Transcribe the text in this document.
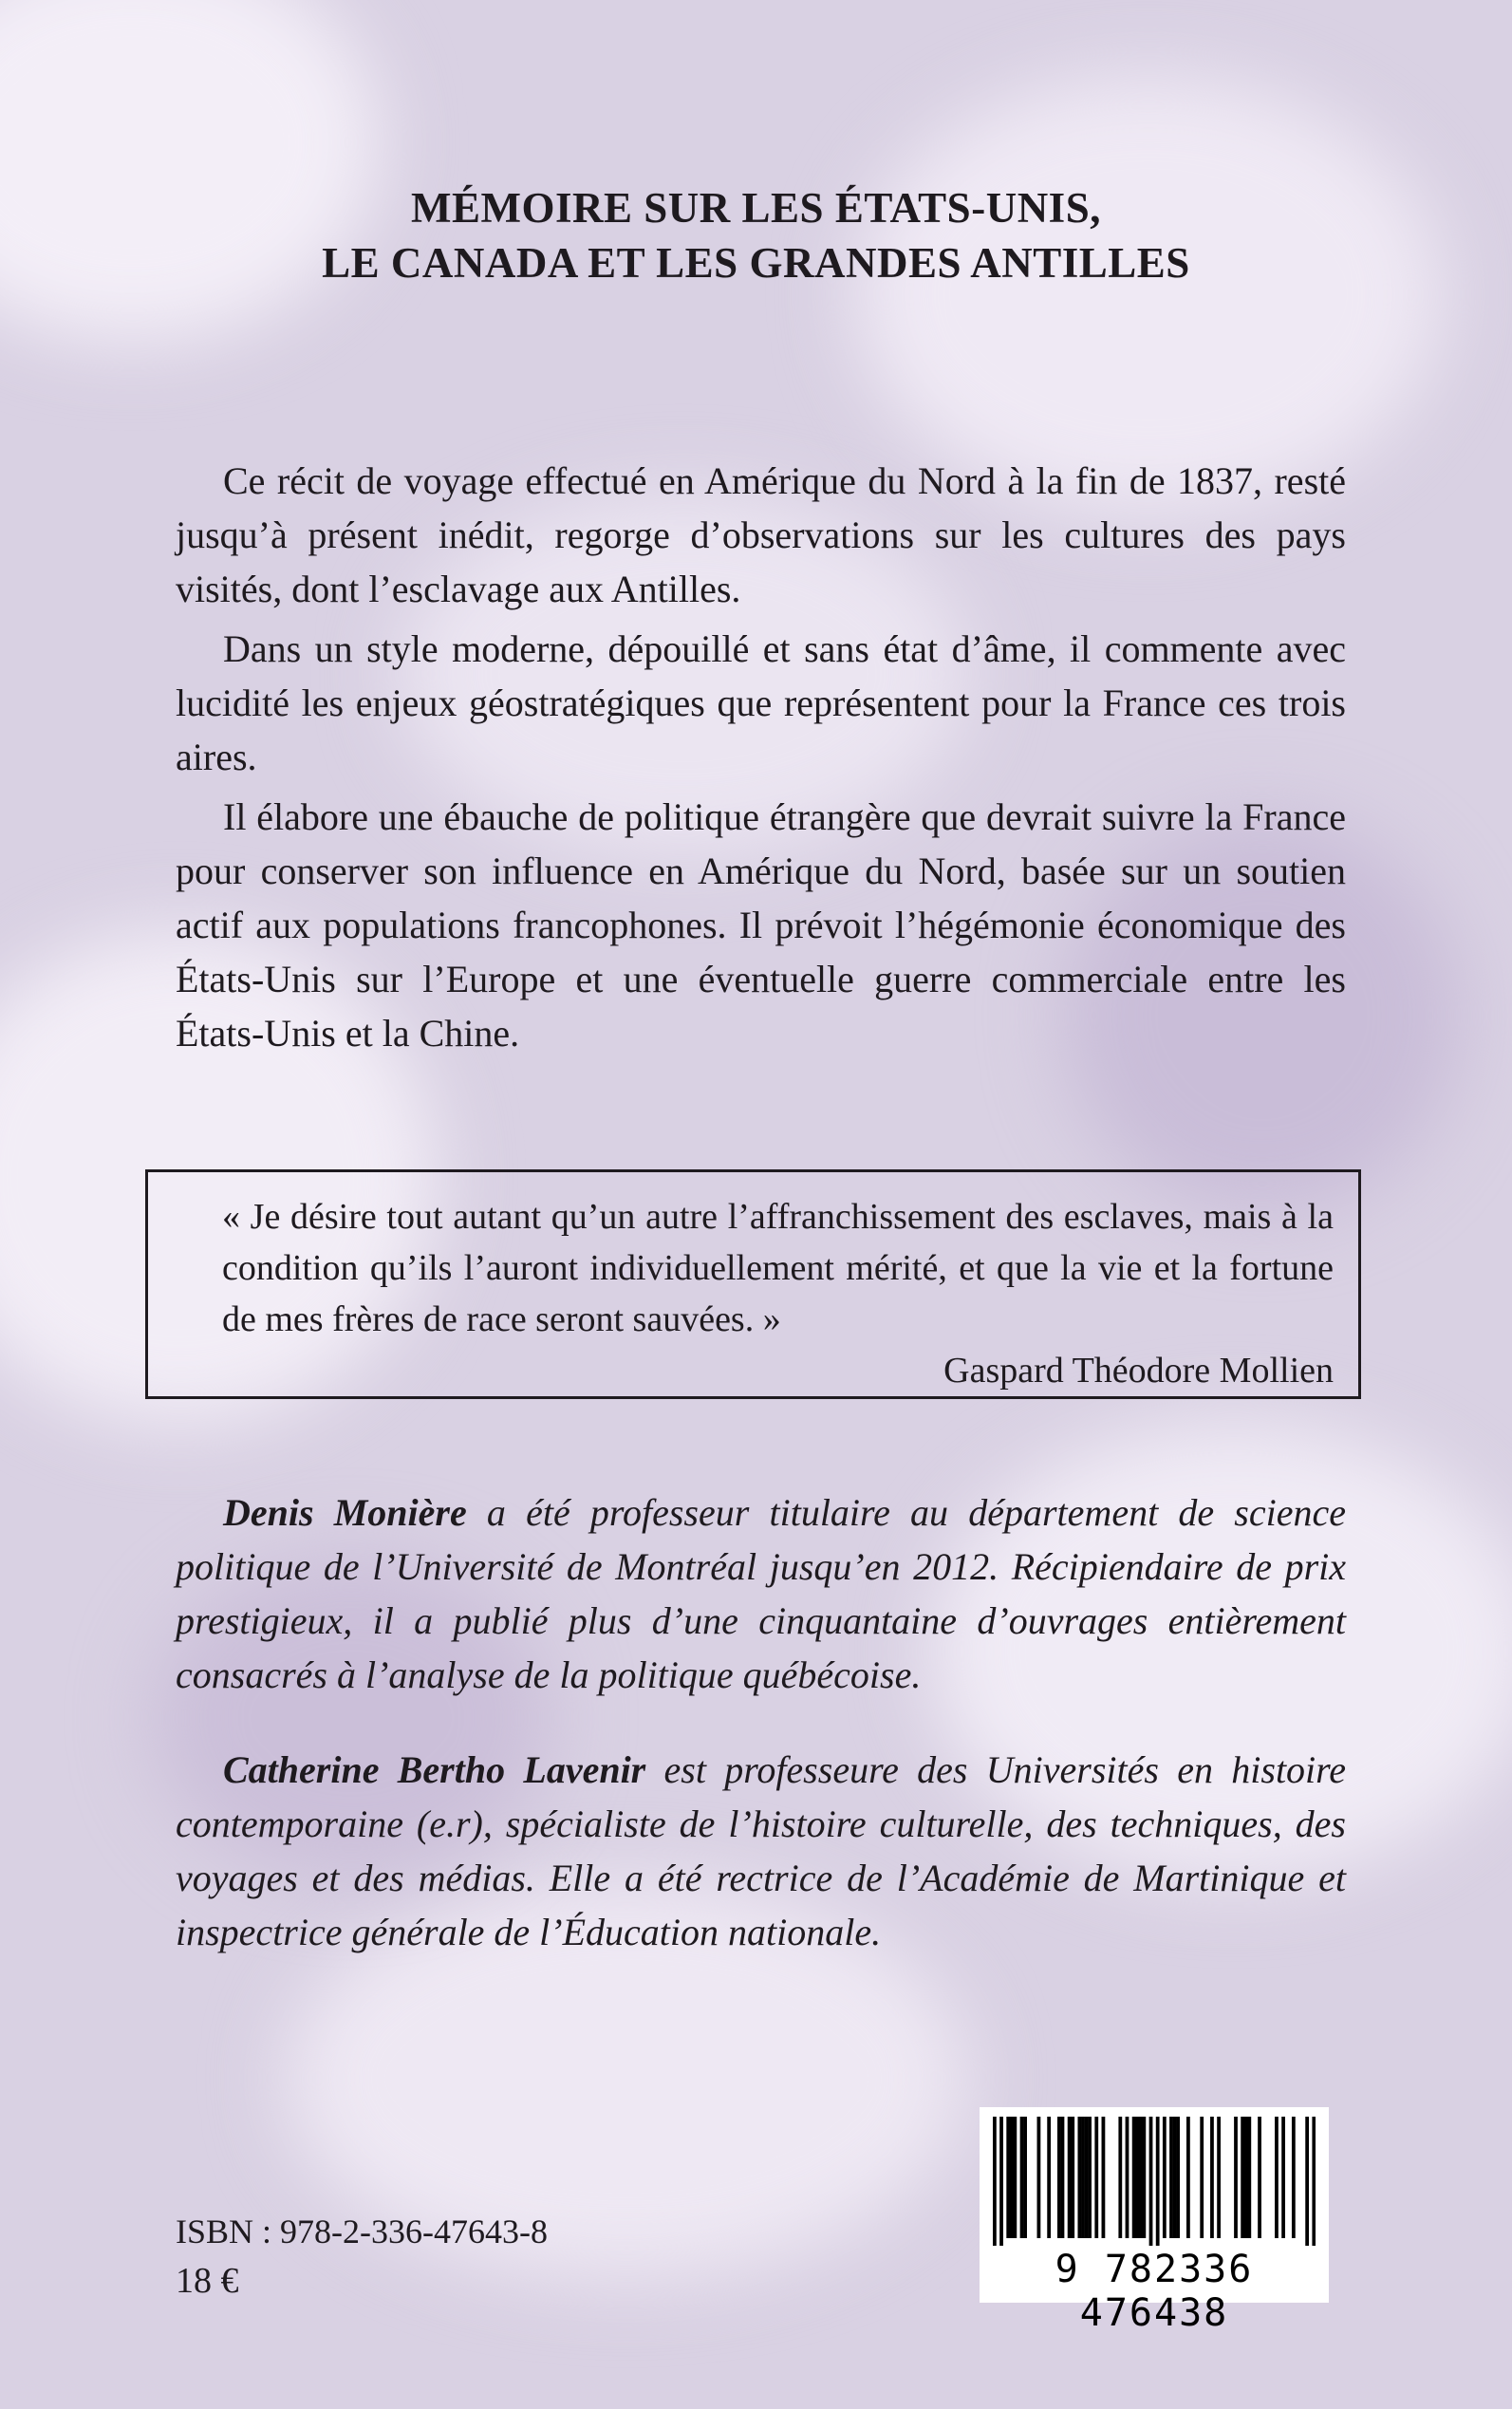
MÉMOIRE SUR LES ÉTATS-UNIS,
LE CANADA ET LES GRANDES ANTILLES

Ce récit de voyage effectué en Amérique du Nord à la fin de 1837, resté jusqu’à présent inédit, regorge d’observations sur les cultures des pays visités, dont l’esclavage aux Antilles.

Dans un style moderne, dépouillé et sans état d’âme, il commente avec lucidité les enjeux géostratégiques que représentent pour la France ces trois aires.

Il élabore une ébauche de politique étrangère que devrait suivre la France pour conserver son influence en Amérique du Nord, basée sur un soutien actif aux populations francophones. Il prévoit l’hégémonie économique des États-Unis sur l’Europe et une éventuelle guerre commerciale entre les États-Unis et la Chine.

« Je désire tout autant qu’un autre l’affranchissement des esclaves, mais à la condition qu’ils l’auront individuellement mérité, et que la vie et la fortune de mes frères de race seront sauvées. »

Gaspard Théodore Mollien

Denis Monière a été professeur titulaire au département de science politique de l’Université de Montréal jusqu’en 2012. Récipiendaire de prix prestigieux, il a publié plus d’une cinquantaine d’ouvrages entièrement consacrés à l’analyse de la politique québécoise.

Catherine Bertho Lavenir est professeure des Universités en histoire contemporaine (e.r), spécialiste de l’histoire culturelle, des techniques, des voyages et des médias. Elle a été rectrice de l’Académie de Martinique et inspectrice générale de l’Éducation nationale.

ISBN : 978-2-336-47643-8
18 €	9 782336 476438
